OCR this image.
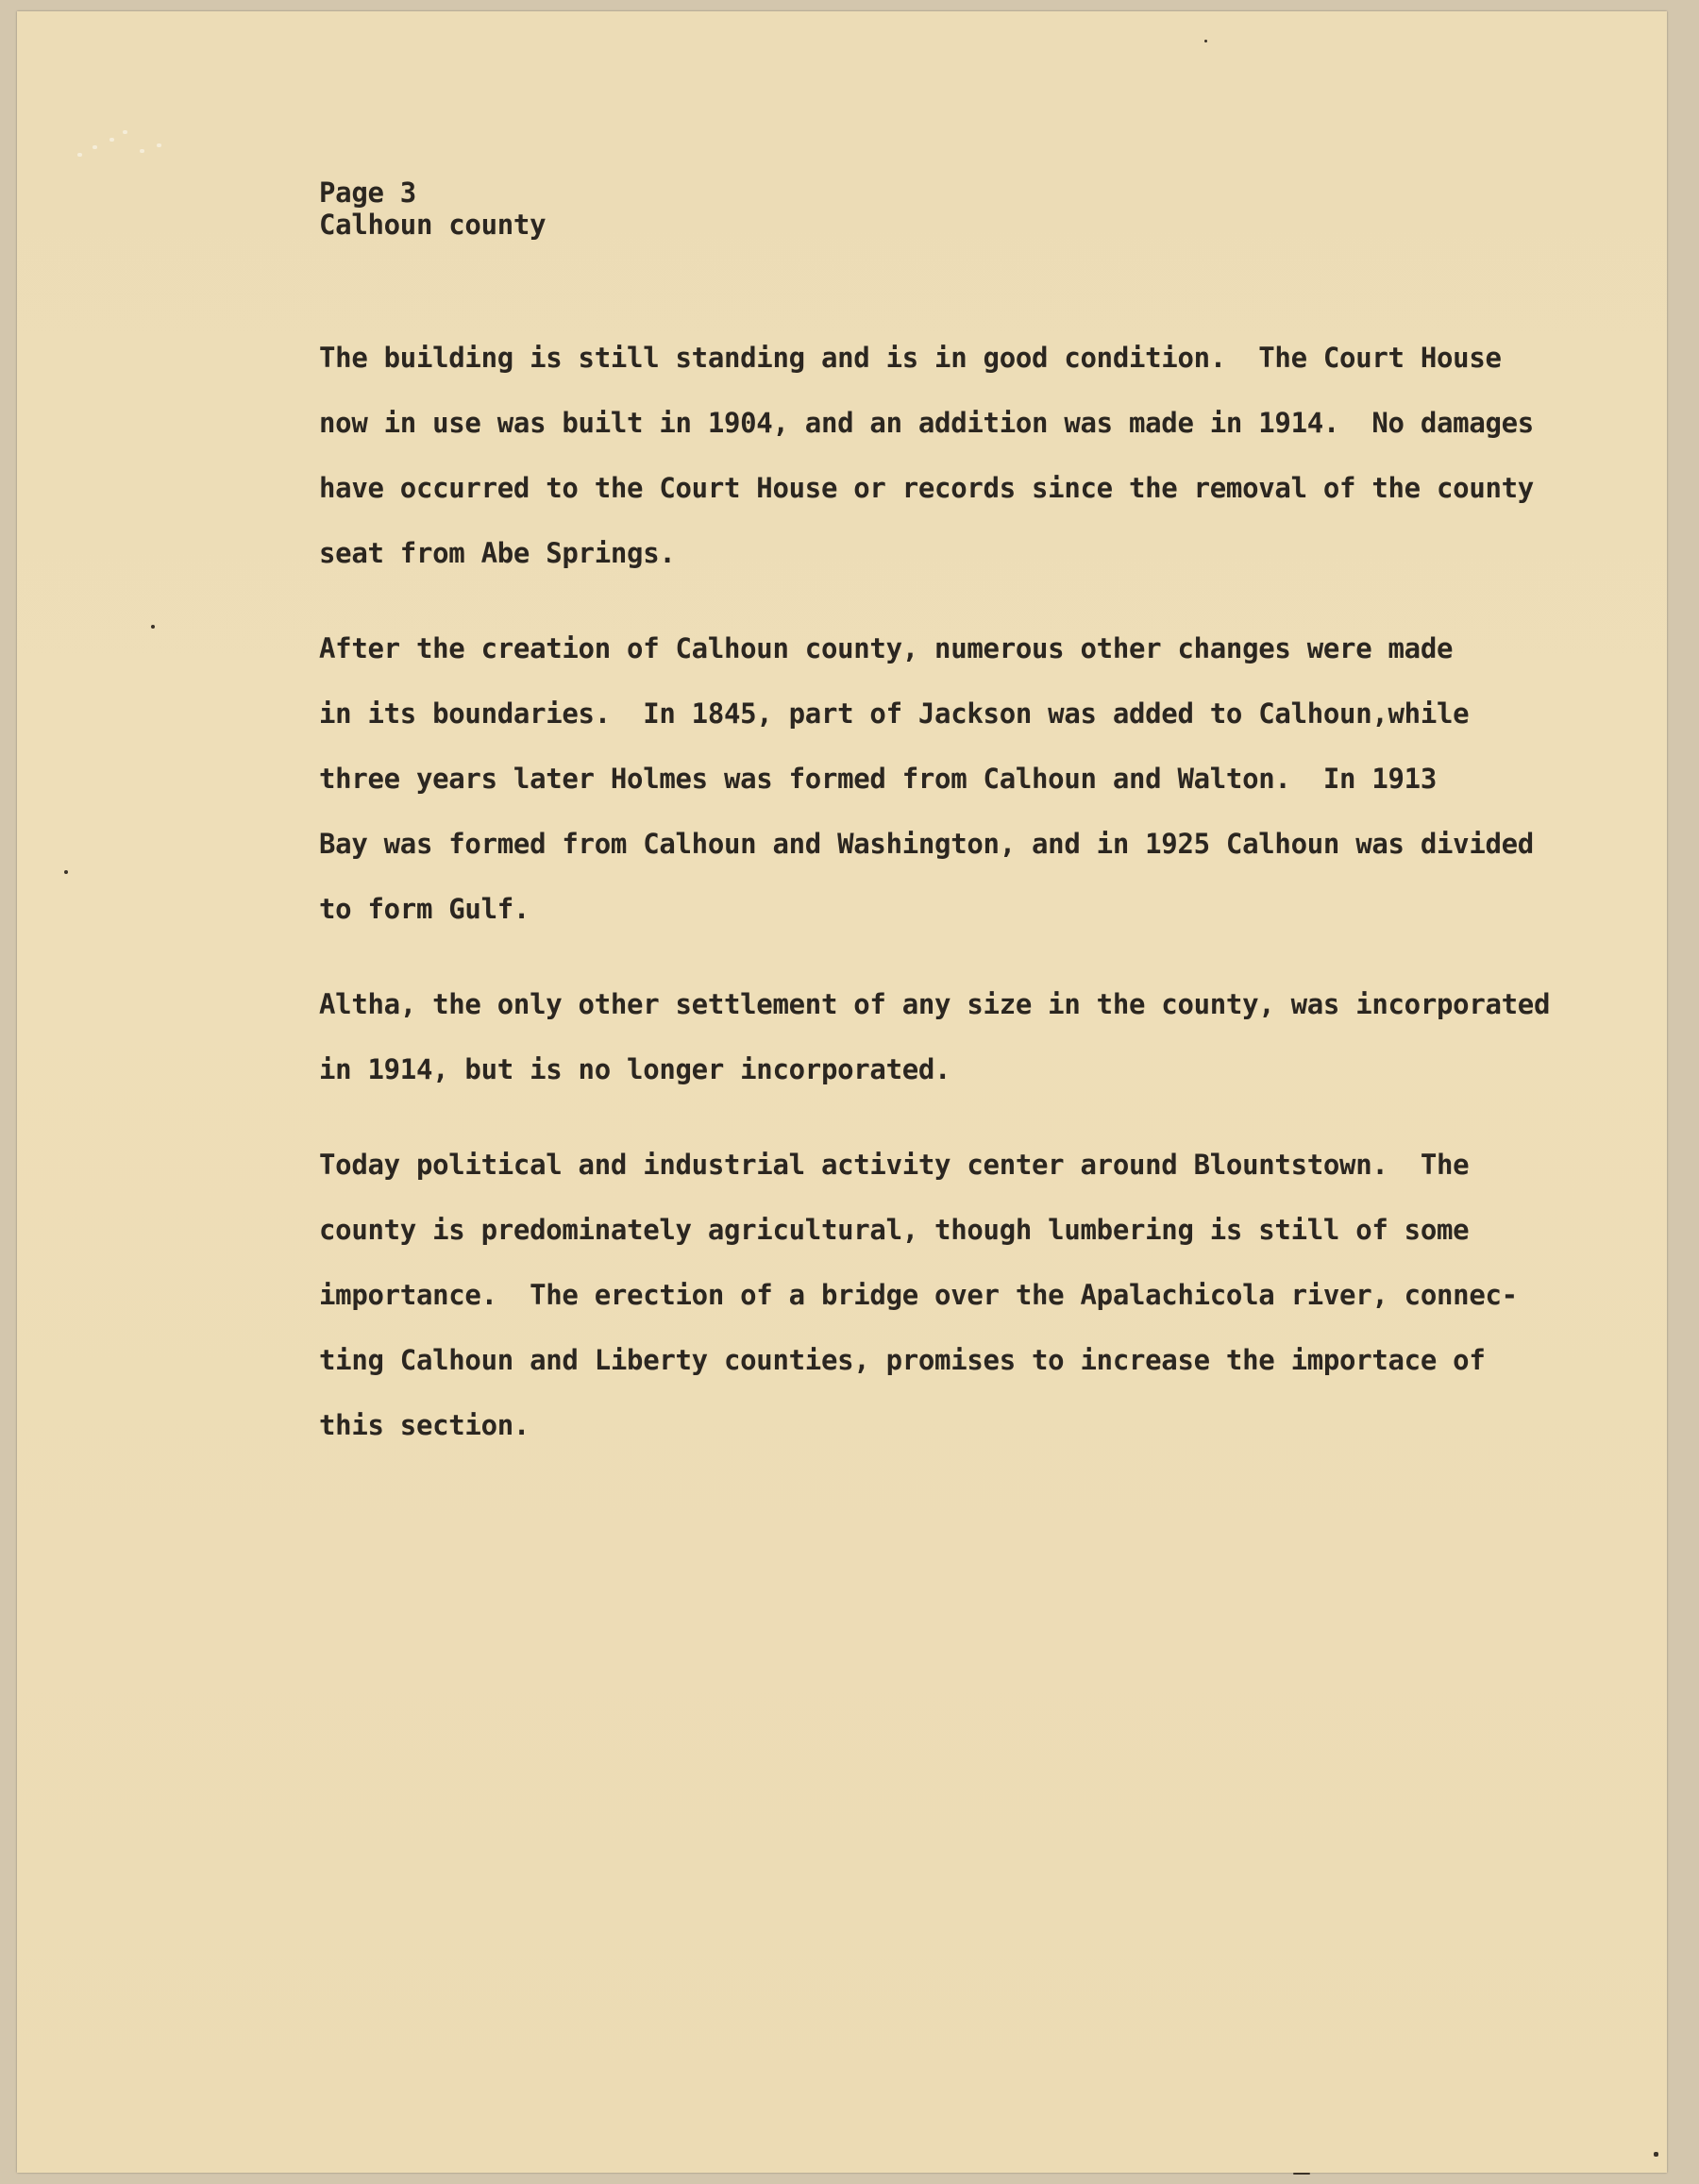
Page 3
Calhoun county
The building is still standing and is in good condition.  The Court House
now in use was built in 1904, and an addition was made in 1914.  No damages
have occurred to the Court House or records since the removal of the county
seat from Abe Springs.
After the creation of Calhoun county, numerous other changes were made
in its boundaries.  In 1845, part of Jackson was added to Calhoun,while
three years later Holmes was formed from Calhoun and Walton.  In 1913
Bay was formed from Calhoun and Washington, and in 1925 Calhoun was divided
to form Gulf.
Altha, the only other settlement of any size in the county, was incorporated
in 1914, but is no longer incorporated.
Today political and industrial activity center around Blountstown.  The
county is predominately agricultural, though lumbering is still of some
importance.  The erection of a bridge over the Apalachicola river, connec-
ting Calhoun and Liberty counties, promises to increase the importace of
this section.
